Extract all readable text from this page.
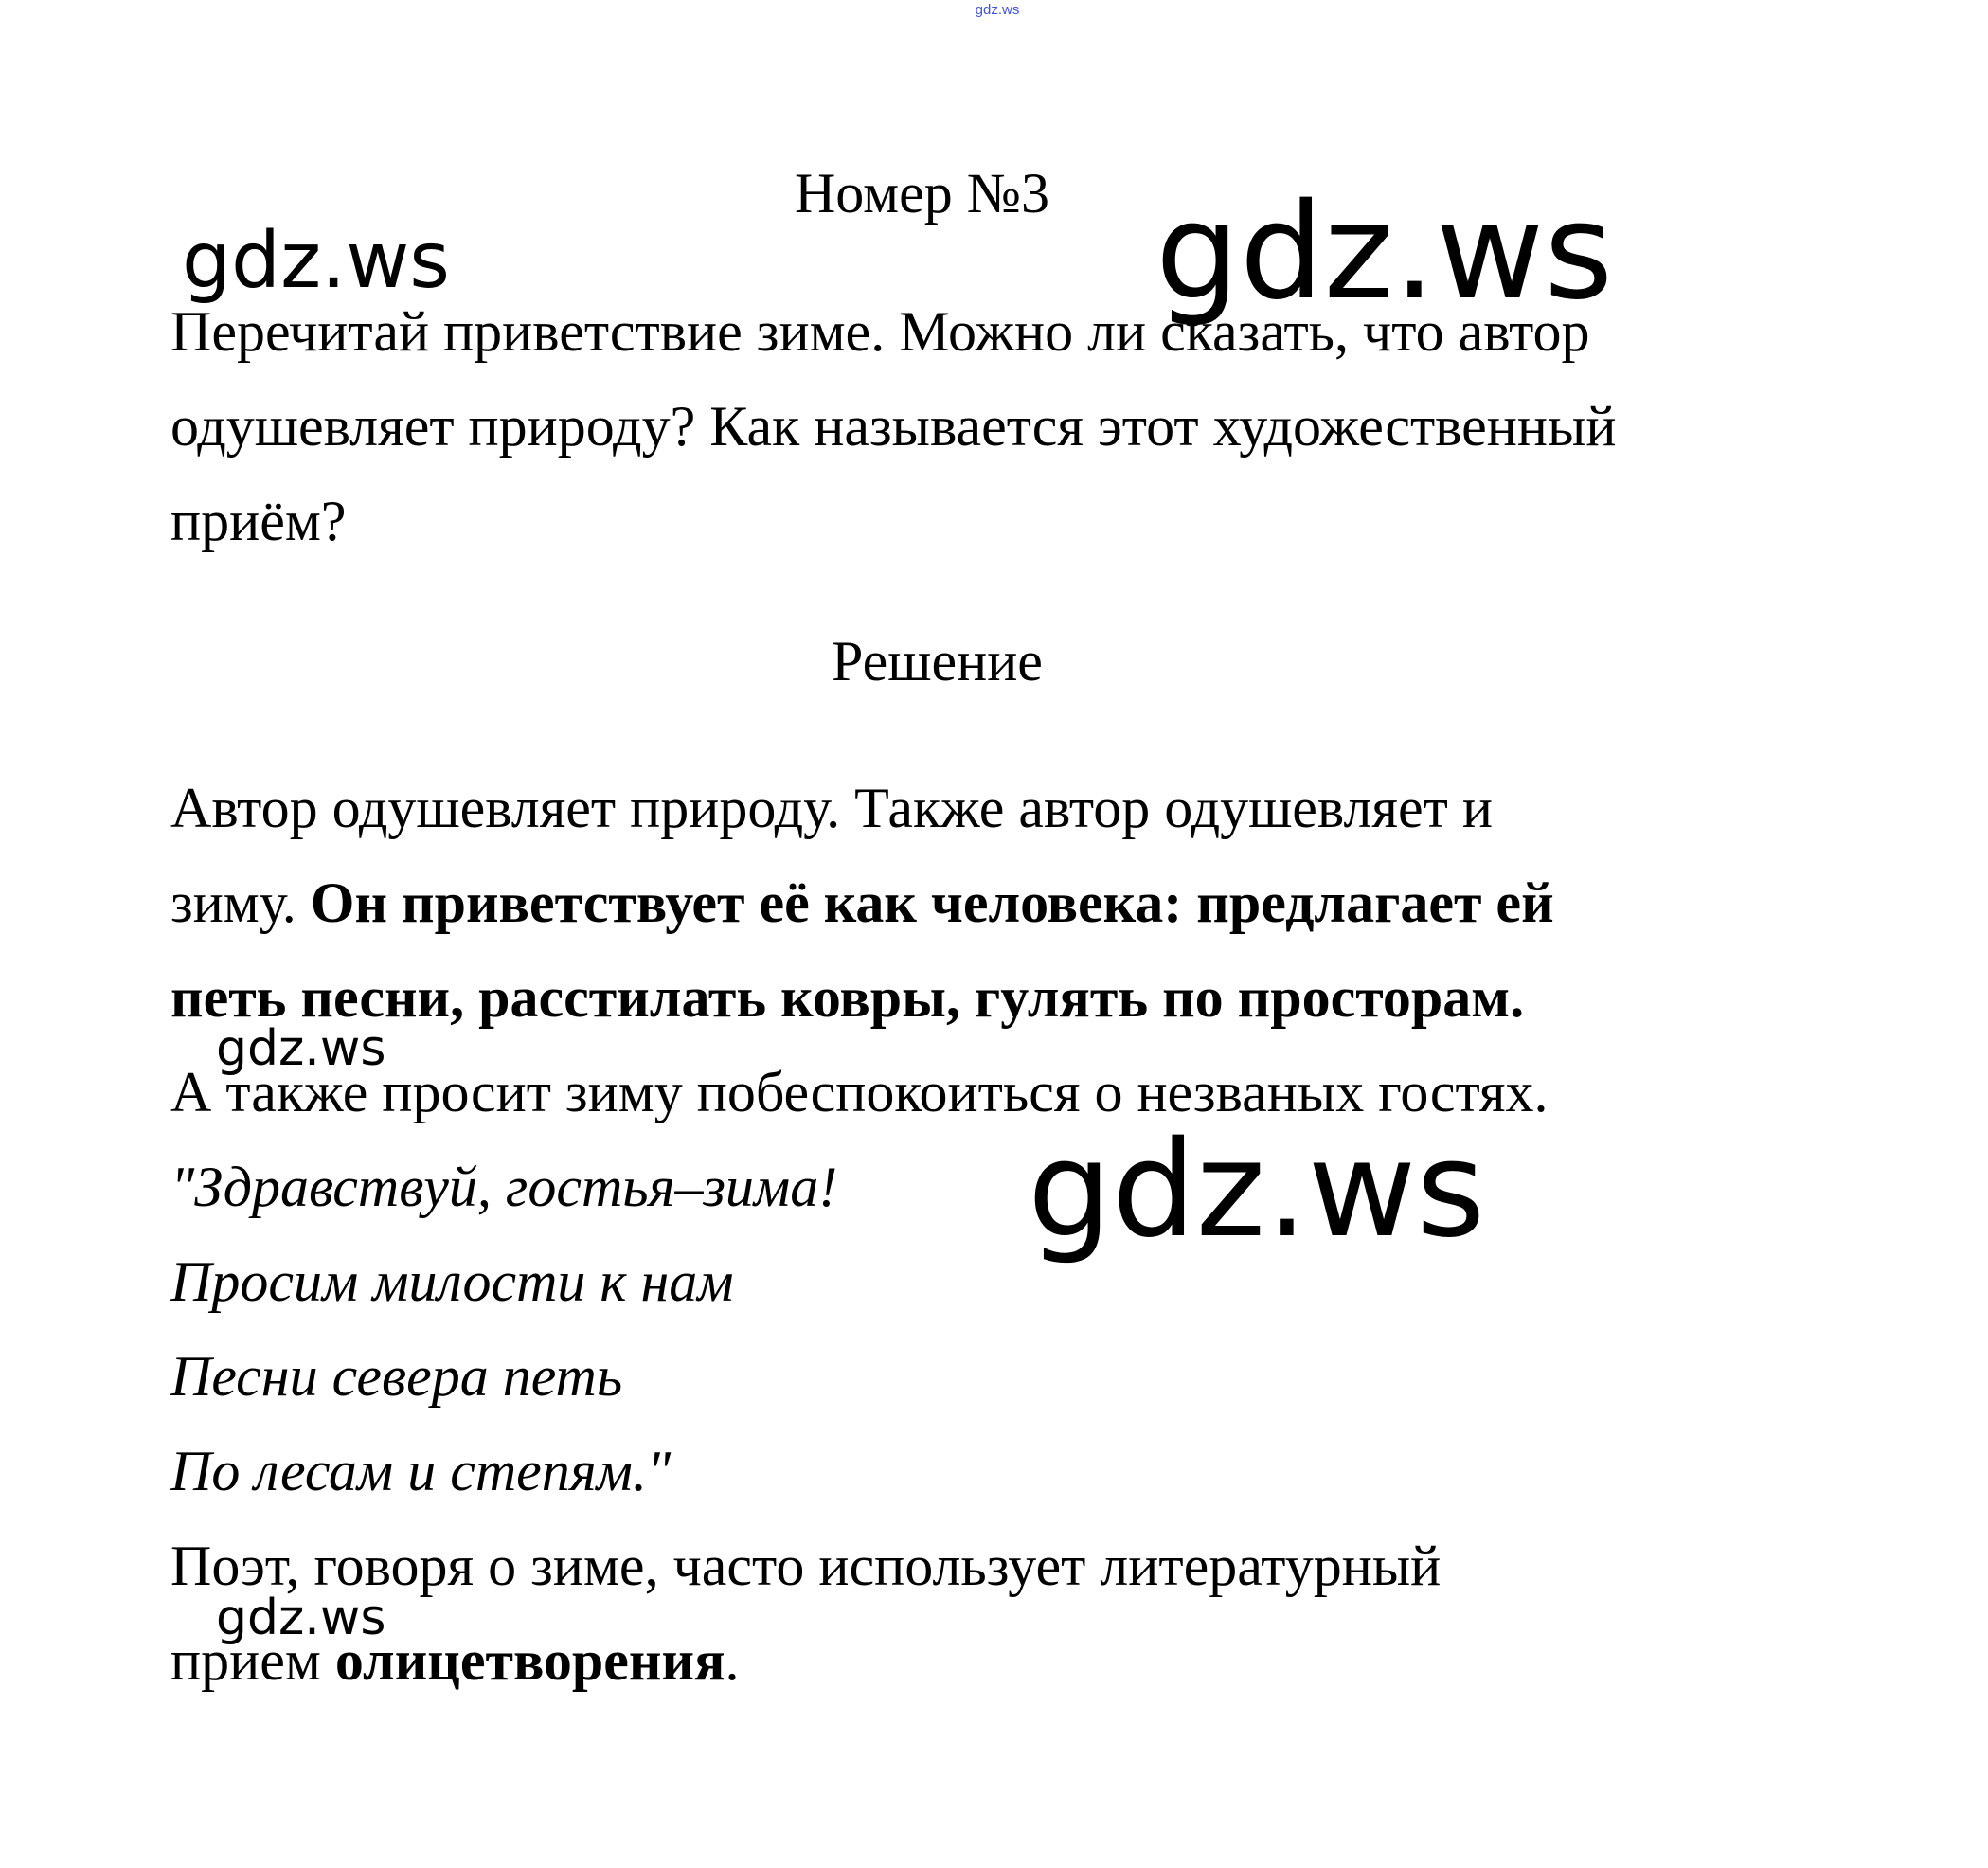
gdz.ws
Номер №3
Перечитай приветствие зиме. Можно ли сказать, что автор
одушевляет природу? Как называется этот художественный
приём?
Решение
Автор одушевляет природу. Также автор одушевляет и
зиму. Он приветствует её как человека: предлагает ей
петь песни, расстилать ковры, гулять по просторам.
А также просит зиму побеспокоиться о незваных гостях.
"Здравствуй, гостья–зима!
Просим милости к нам
Песни севера петь
По лесам и степям."
Поэт, говоря о зиме, часто использует литературный
прием олицетворения.
gdz.ws	gdz.ws
gdz.ws
gdz.ws
gdz.ws
